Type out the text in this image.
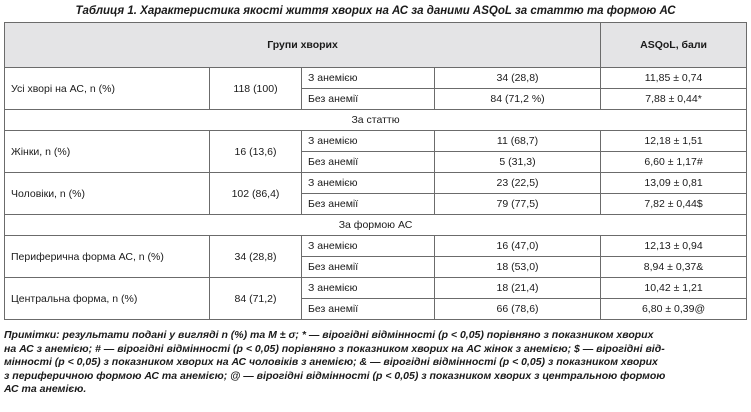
Таблиця 1. Характеристика якості життя хворих на АС за даними ASQoL за статтю та формою АС
Групи хворих				ASQoL, бали
Усі хворі на АС, n (%)	118 (100)	З анемією	34 (28,8)	11,85 ± 0,74
		Без анемії	84 (71,2 %)	7,88 ± 0,44*
За статтю				
Жінки, n (%)	16 (13,6)	З анемією	11 (68,7)	12,18 ± 1,51
		Без анемії	5 (31,3)	6,60 ± 1,17#
Чоловіки, n (%)	102 (86,4)	З анемією	23 (22,5)	13,09 ± 0,81
		Без анемії	79 (77,5)	7,82 ± 0,44$
За формою АС				
Периферична форма АС, n (%)	34 (28,8)	З анемією	16 (47,0)	12,13 ± 0,94
		Без анемії	18 (53,0)	8,94 ± 0,37&
Центральна форма, n (%)	84 (71,2)	З анемією	18 (21,4)	10,42 ± 1,21
		Без анемії	66 (78,6)	6,80 ± 0,39@

Примітки: результати подані у вигляді n (%) та M ± σ; * — вірогідні відмінності (p < 0,05) порівняно з показником хворих

на АС з анемією; # — вірогідні відмінності (p < 0,05) порівняно з показником хворих на АС жінок з анемією; $ — вірогідні від-

мінності (p < 0,05) з показником хворих на АС чоловіків з анемією; & — вірогідні відмінності (p < 0,05) з показником хворих

з периферичною формою АС та анемією; @ — вірогідні відмінності (p < 0,05) з показником хворих з центральною формою

АС та анемією.
